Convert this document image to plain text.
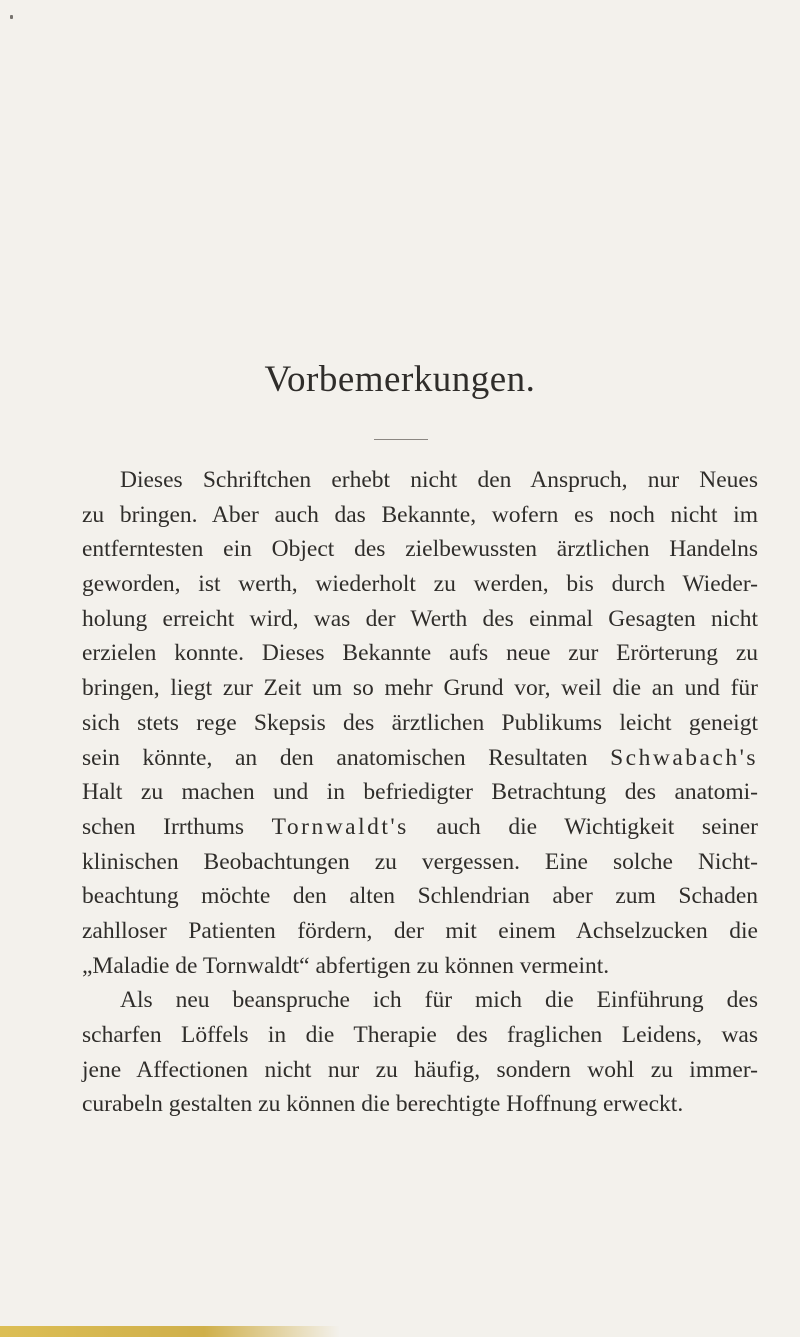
Vorbemerkungen.
Dieses Schriftchen erhebt nicht den Anspruch, nur Neues
zu bringen. Aber auch das Bekannte, wofern es noch nicht im
entferntesten ein Object des zielbewussten ärztlichen Handelns
geworden, ist werth, wiederholt zu werden, bis durch Wieder-
holung erreicht wird, was der Werth des einmal Gesagten nicht
erzielen konnte. Dieses Bekannte aufs neue zur Erörterung zu
bringen, liegt zur Zeit um so mehr Grund vor, weil die an und für
sich stets rege Skepsis des ärztlichen Publikums leicht geneigt
sein könnte, an den anatomischen Resultaten Schwabach's
Halt zu machen und in befriedigter Betrachtung des anatomi-
schen Irrthums Tornwaldt's auch die Wichtigkeit seiner
klinischen Beobachtungen zu vergessen. Eine solche Nicht-
beachtung möchte den alten Schlendrian aber zum Schaden
zahlloser Patienten fördern, der mit einem Achselzucken die
„Maladie de Tornwaldt“ abfertigen zu können vermeint.
Als neu beanspruche ich für mich die Einführung des
scharfen Löffels in die Therapie des fraglichen Leidens, was
jene Affectionen nicht nur zu häufig, sondern wohl zu immer-
curabeln gestalten zu können die berechtigte Hoffnung erweckt.
